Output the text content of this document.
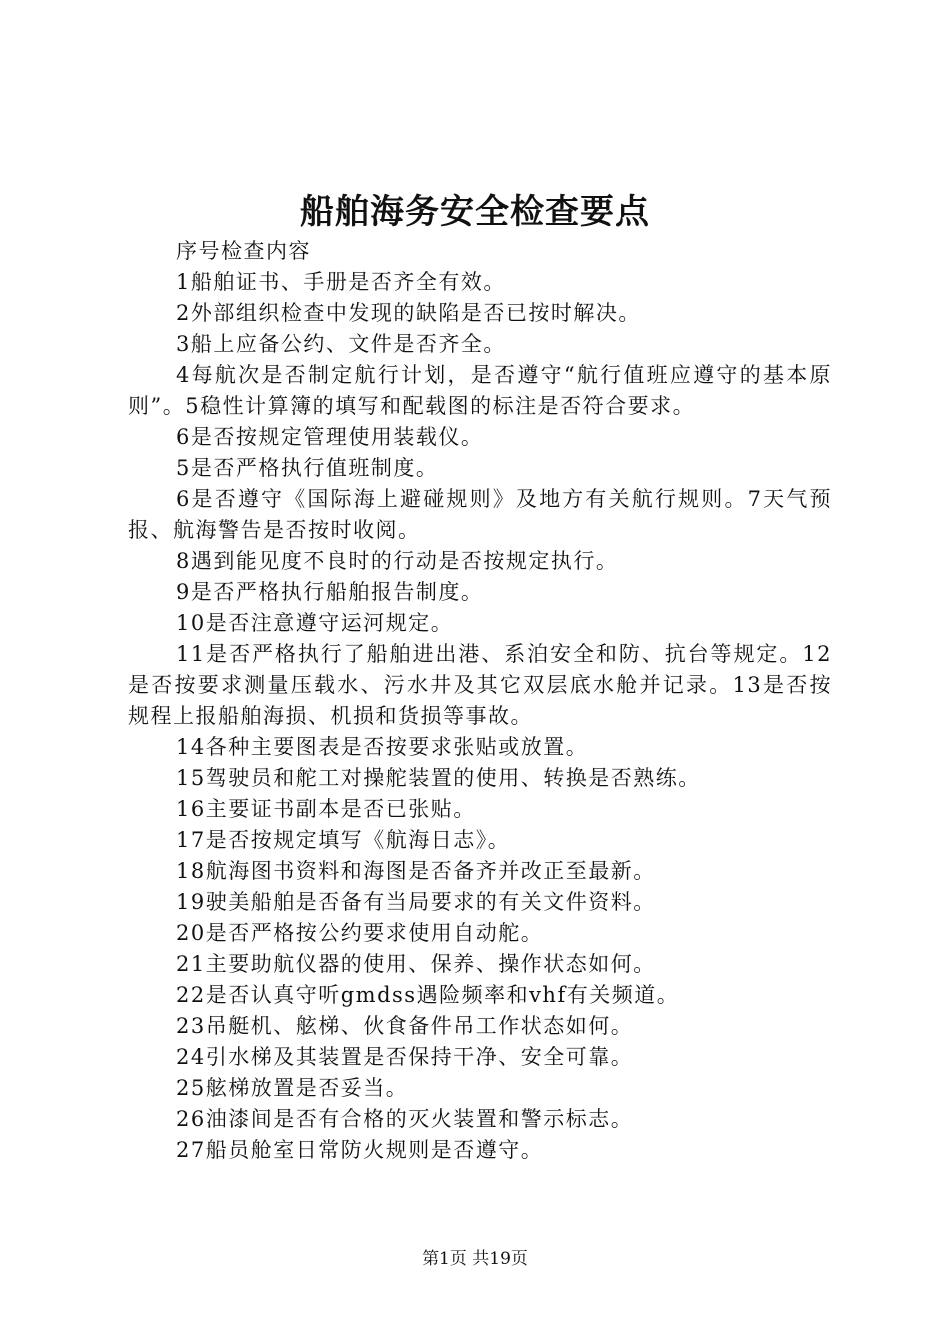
船舶海务安全检查要点

序号检查内容

1船舶证书、手册是否齐全有效。

2外部组织检查中发现的缺陷是否已按时解决。

3船上应备公约、文件是否齐全。

4每航次是否制定航行计划，是否遵守“航行值班应遵守的基本原则”。5稳性计算簿的填写和配载图的标注是否符合要求。

6是否按规定管理使用装载仪。

5是否严格执行值班制度。

6是否遵守《国际海上避碰规则》及地方有关航行规则。7天气预报、航海警告是否按时收阅。

8遇到能见度不良时的行动是否按规定执行。

9是否严格执行船舶报告制度。

10是否注意遵守运河规定。

11是否严格执行了船舶进出港、系泊安全和防、抗台等规定。12是否按要求测量压载水、污水井及其它双层底水舱并记录。13是否按规程上报船舶海损、机损和货损等事故。

14各种主要图表是否按要求张贴或放置。

15驾驶员和舵工对操舵装置的使用、转换是否熟练。

16主要证书副本是否已张贴。

17是否按规定填写《航海日志》。

18航海图书资料和海图是否备齐并改正至最新。

19驶美船舶是否备有当局要求的有关文件资料。

20是否严格按公约要求使用自动舵。

21主要助航仪器的使用、保养、操作状态如何。

22是否认真守听gmdss遇险频率和vhf有关频道。

23吊艇机、舷梯、伙食备件吊工作状态如何。

24引水梯及其装置是否保持干净、安全可靠。

25舷梯放置是否妥当。

26油漆间是否有合格的灭火装置和警示标志。

27船员舱室日常防火规则是否遵守。

第1页 共19页
